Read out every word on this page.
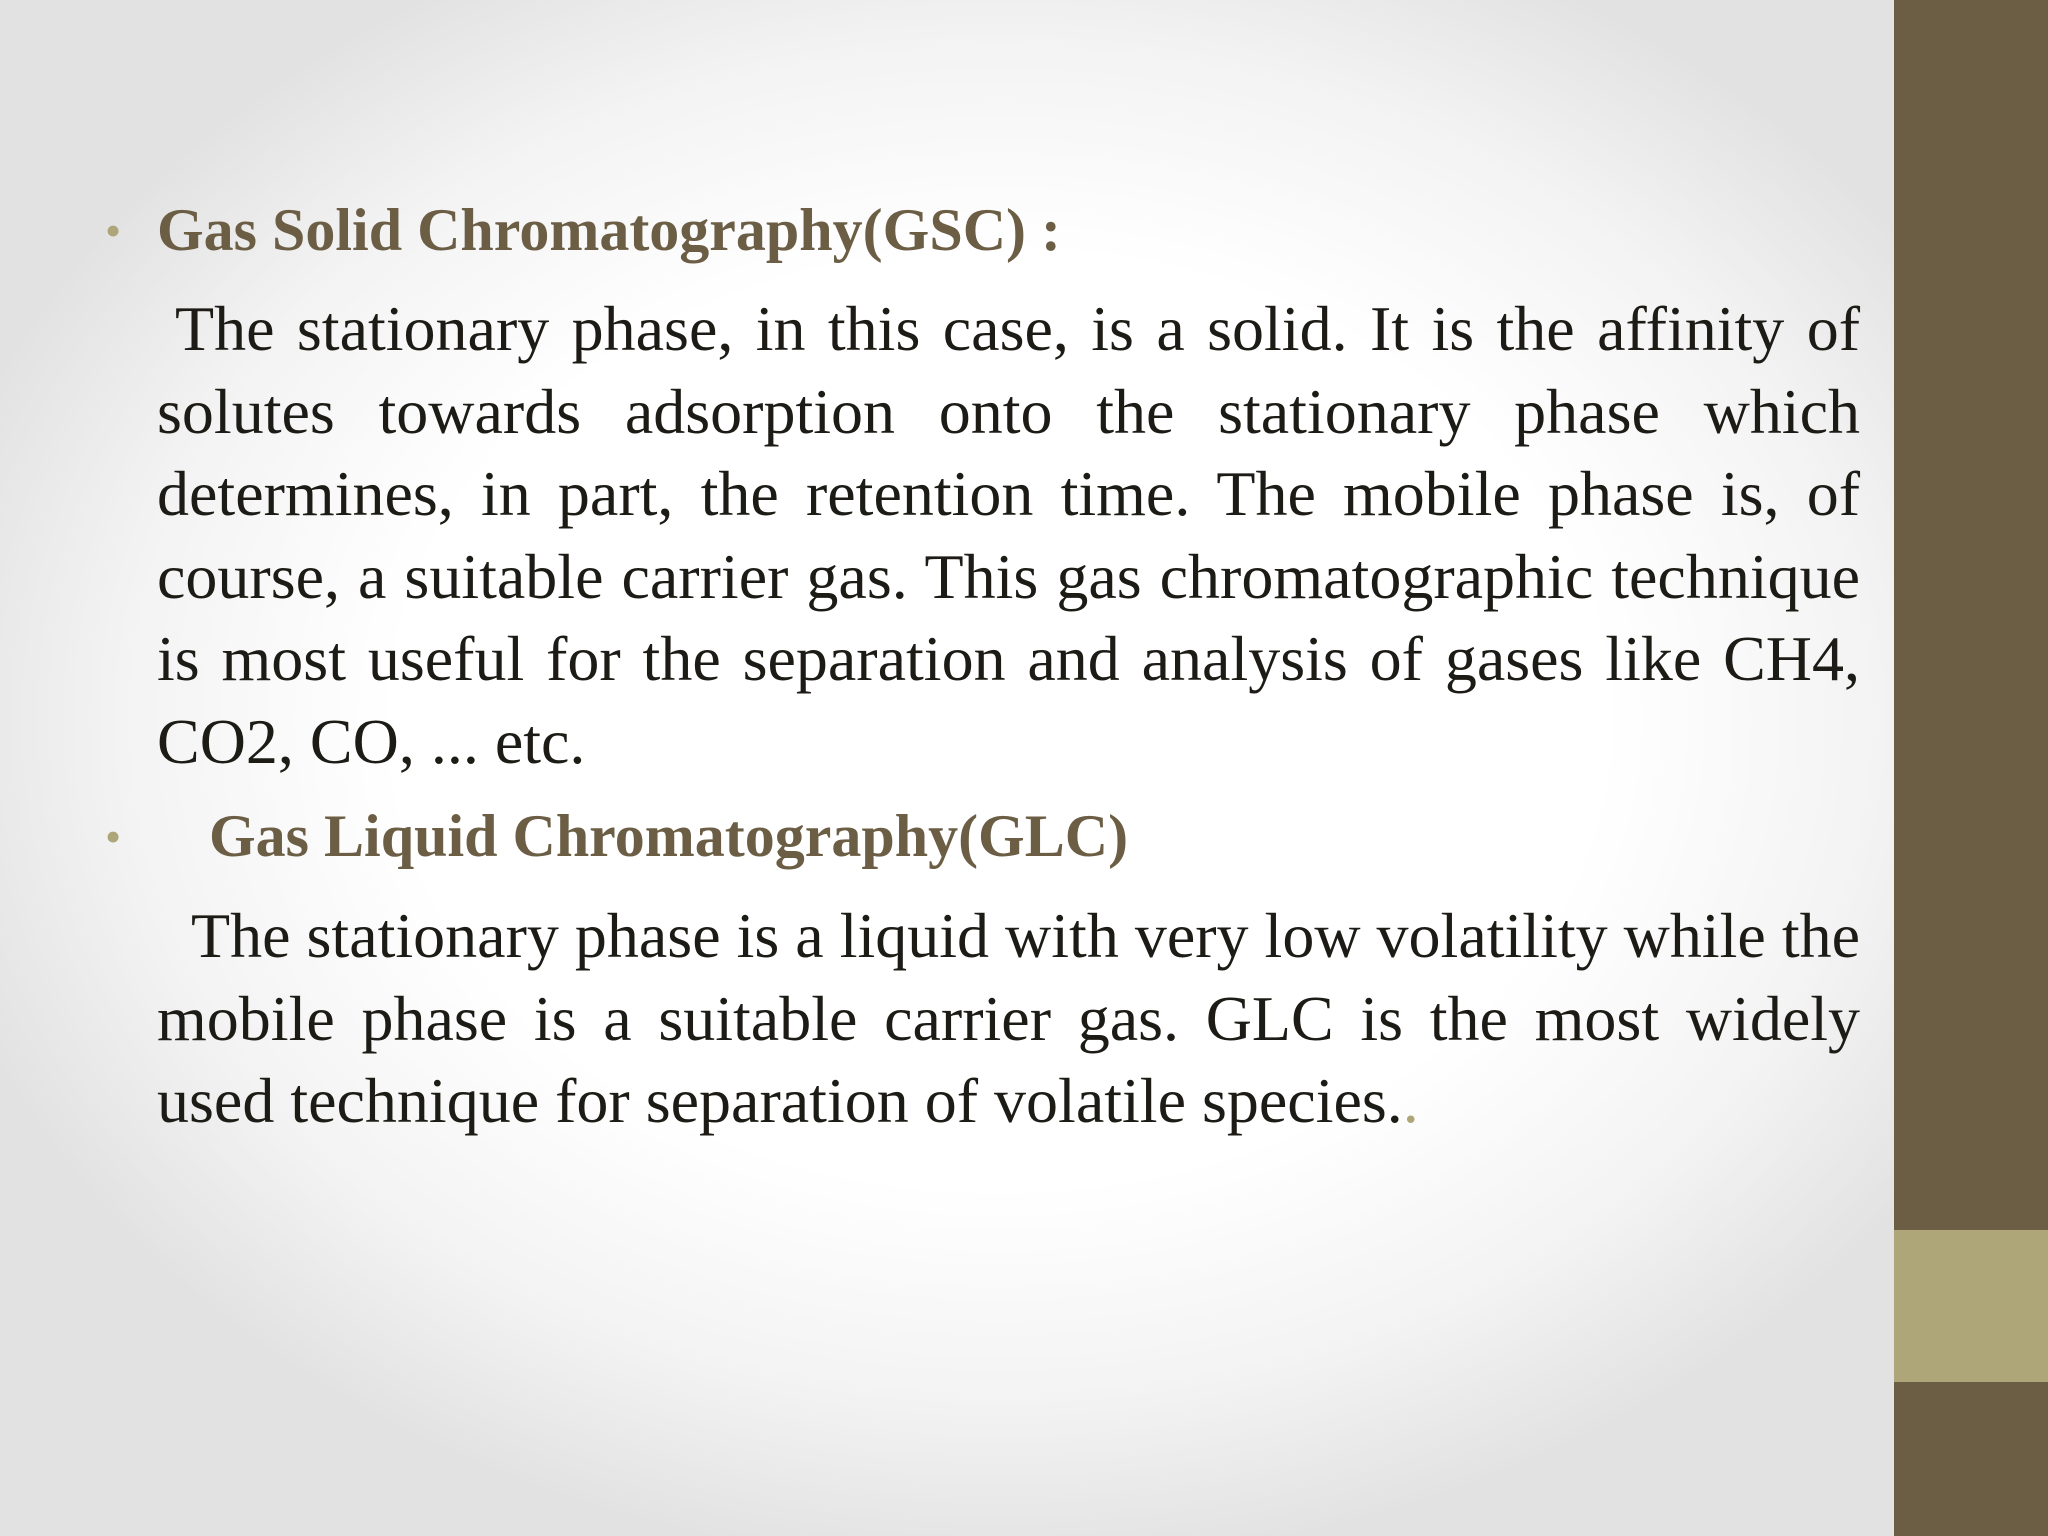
• Gas Solid Chromatography(GSC) :

The stationary phase, in this case, is a solid. It is the affinity of solutes towards adsorption onto the stationary phase which determines, in part, the retention time. The mobile phase is, of course, a suitable carrier gas. This gas chromatographic technique is most useful for the separation and analysis of gases like CH4, CO2, CO, ... etc.

• Gas Liquid Chromatography(GLC)

The stationary phase is a liquid with very low volatility while the mobile phase is a suitable carrier gas. GLC is the most widely used technique for separation of volatile species..
